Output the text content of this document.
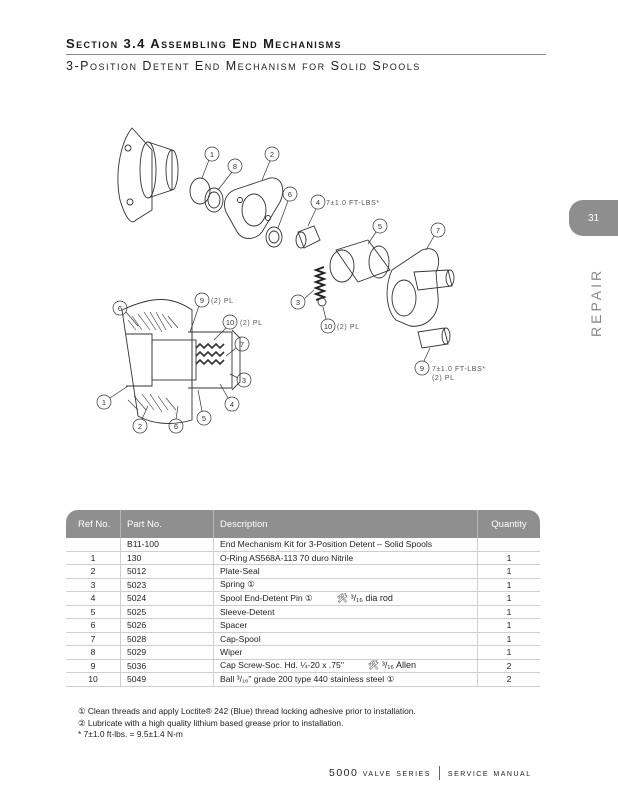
Section 3.4 Assembling End Mechanisms
3-Position Detent End Mechanism for Solid Spools
31
REPAIR
1
8
2
6
4
5	7
3
10
9
6
9
10
7
3
4
5
6
2
1
7±1.0 FT-LBS*
7±1.0 FT-LBS*
(2) PL
(2) PL
(2) PL
(2) PL
Ref No.	Part No.	Description	Quantity
	B11-100	End Mechanism Kit for 3-Position Detent – Solid Spools	
1	130	O-Ring AS568A-113 70 duro Nitrile	1
2	5012	Plate-Seal	1
3	5023	Spring ①	1
4	5024	Spool End-Detent Pin ① 🛠 ³/₁₆ dia rod	1
5	5025	Sleeve-Detent	1
6	5026	Spacer	1
7	5028	Cap-Spool	1
8	5029	Wiper	1
9	5036	Cap Screw-Soc. Hd. ¼-20 x .75" 🛠 ³/₁₆ Allen	2
10	5049	Ball ³/₁₆" grade 200 type 440 stainless steel ①	2
① Clean threads and apply Loctite® 242 (Blue) thread locking adhesive prior to installation.
② Lubricate with a high quality lithium based grease prior to installation.
* 7±1.0 ft-lbs. = 9.5±1.4 N-m
5000 valve series service manual
